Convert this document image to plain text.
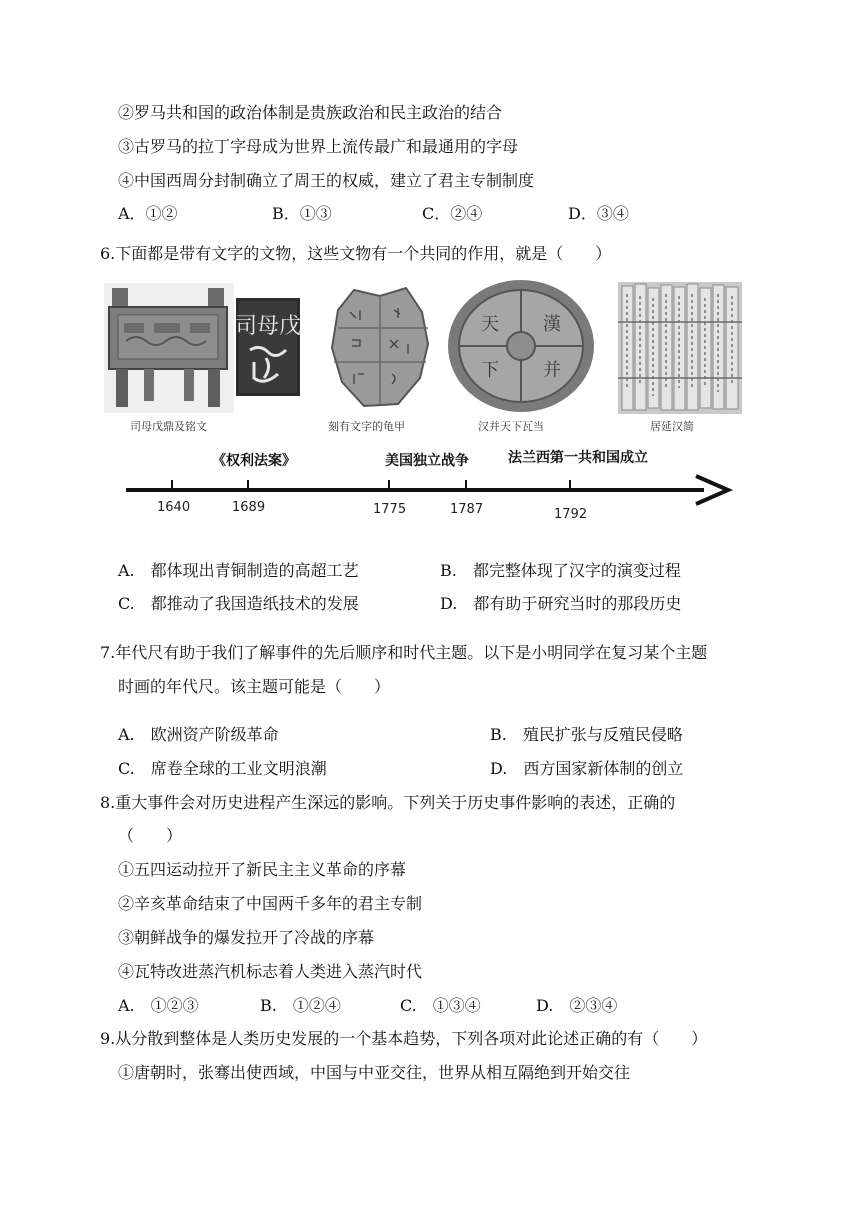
②罗马共和国的政治体制是贵族政治和民主政治的结合
③古罗马的拉丁字母成为世界上流传最广和最通用的字母
④中国西周分封制确立了周王的权威，建立了君主专制制度
A．①②	B．①③	C．②④	D．③④
6.下面都是带有文字的文物，这些文物有一个共同的作用，就是（　　）
司母戊
司母戊鼎及铭文	刻有文字的龟甲
天
下 并
漢
汉并天下瓦当	居延汉简
《权利法案》	美国独立战争	法兰西第一共和国成立
1640	1689	1775	1787	1792
A.　都体现出青铜制造的高超工艺	B.　都完整体现了汉字的演变过程
C.　都推动了我国造纸技术的发展	D.　都有助于研究当时的那段历史
7.年代尺有助于我们了解事件的先后顺序和时代主题。以下是小明同学在复习某个主题
时画的年代尺。该主题可能是（　　）
A.　欧洲资产阶级革命	B.　殖民扩张与反殖民侵略
C.　席卷全球的工业文明浪潮	D.　西方国家新体制的创立
8.重大事件会对历史进程产生深远的影响。下列关于历史事件影响的表述，正确的
（　　）
①五四运动拉开了新民主主义革命的序幕
②辛亥革命结束了中国两千多年的君主专制
③朝鲜战争的爆发拉开了冷战的序幕
④瓦特改进蒸汽机标志着人类进入蒸汽时代
A.　①②③	B.　①②④	C.　①③④	D.　②③④
9.从分散到整体是人类历史发展的一个基本趋势，下列各项对此论述正确的有（　　）
①唐朝时，张骞出使西域，中国与中亚交往，世界从相互隔绝到开始交往
